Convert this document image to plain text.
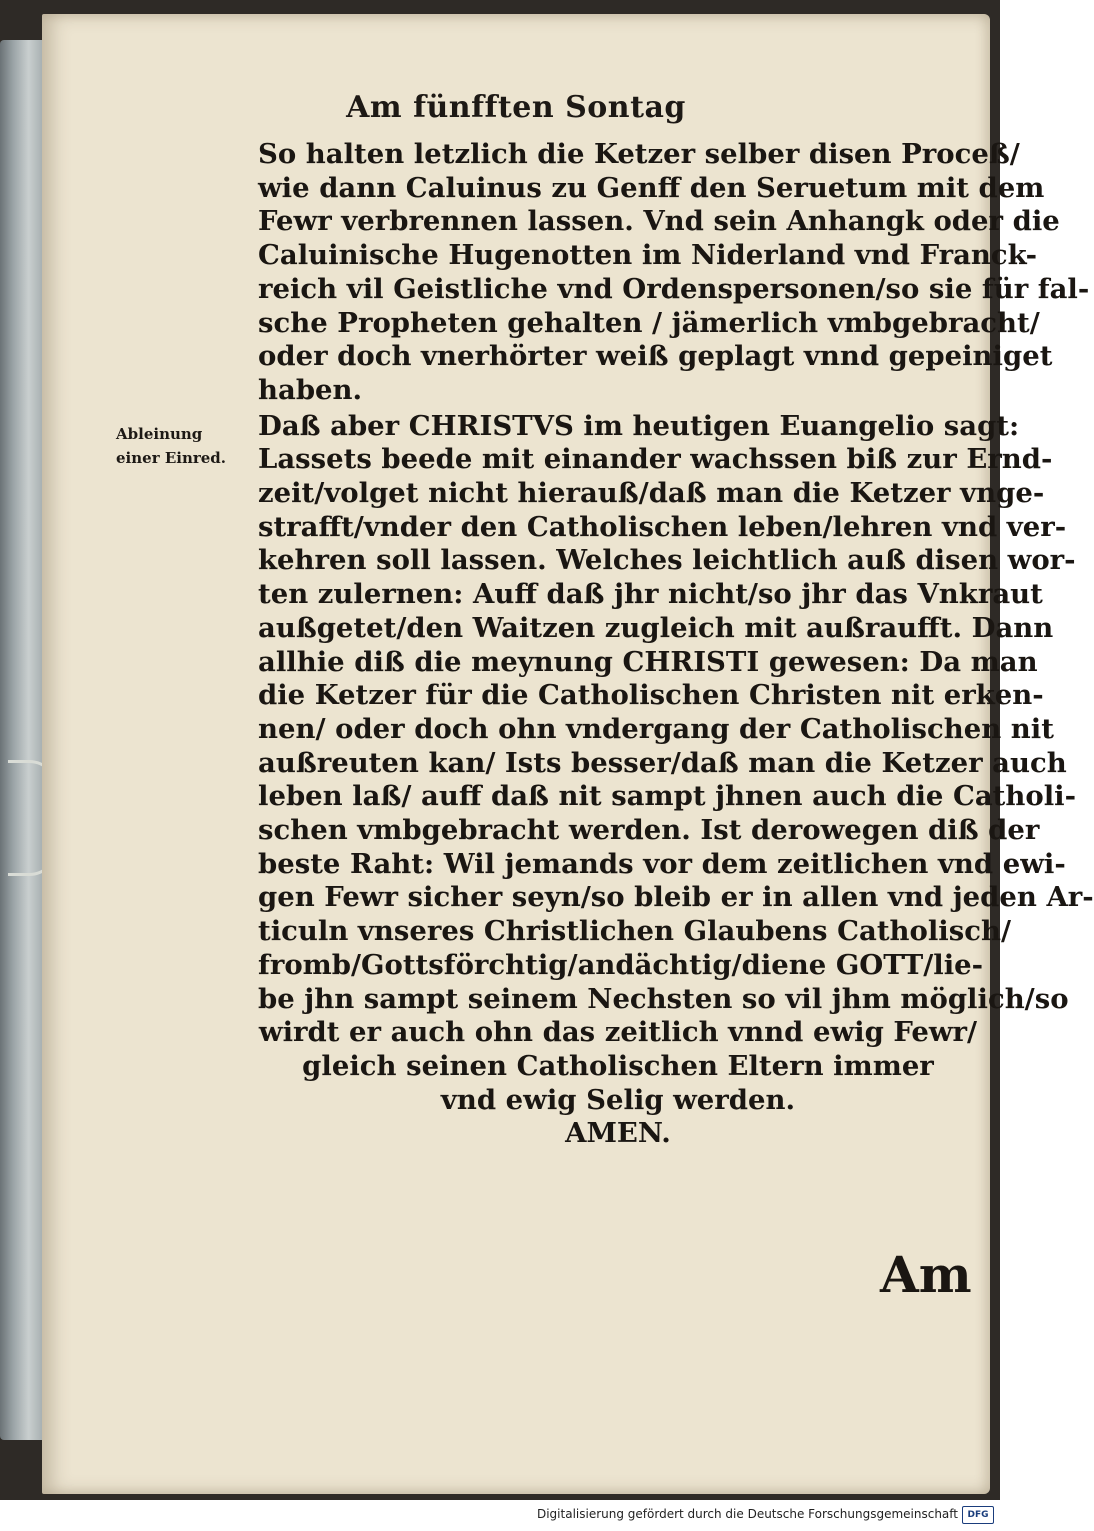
Am fünfften Sontag
Ableinung
einer Einred.
So halten letzlich die Ketzer selber disen Proceß/
wie dann Caluinus zu Genff den Seruetum mit dem
Fewr verbrennen lassen. Vnd sein Anhangk oder die
Caluinische Hugenotten im Niderland vnd Franck-
reich vil Geistliche vnd Ordenspersonen/so sie für fal-
sche Propheten gehalten / jämerlich vmbgebracht/
oder doch vnerhörter weiß geplagt vnnd gepeiniget
haben.
Daß aber CHRISTVS im heutigen Euangelio sagt:
Lassets beede mit einander wachssen biß zur Ernd-
zeit/volget nicht hierauß/daß man die Ketzer vnge-
strafft/vnder den Catholischen leben/lehren vnd ver-
kehren soll lassen. Welches leichtlich auß disen wor-
ten zulernen: Auff daß jhr nicht/so jhr das Vnkraut
außgetet/den Waitzen zugleich mit außraufft. Dann
allhie diß die meynung CHRISTI gewesen: Da man
die Ketzer für die Catholischen Christen nit erken-
nen/ oder doch ohn vndergang der Catholischen nit
außreuten kan/ Ists besser/daß man die Ketzer auch
leben laß/ auff daß nit sampt jhnen auch die Catholi-
schen vmbgebracht werden. Ist derowegen diß der
beste Raht: Wil jemands vor dem zeitlichen vnd ewi-
gen Fewr sicher seyn/so bleib er in allen vnd jeden Ar-
ticuln vnseres Christlichen Glaubens Catholisch/
fromb/Gottsförchtig/andächtig/diene GOTT/lie-
be jhn sampt seinem Nechsten so vil jhm möglich/so
wirdt er auch ohn das zeitlich vnnd ewig Fewr/
gleich seinen Catholischen Eltern immer
vnd ewig Selig werden.
AMEN.
Am
Digitalisierung gefördert durch die Deutsche Forschungsgemeinschaft	DFG
